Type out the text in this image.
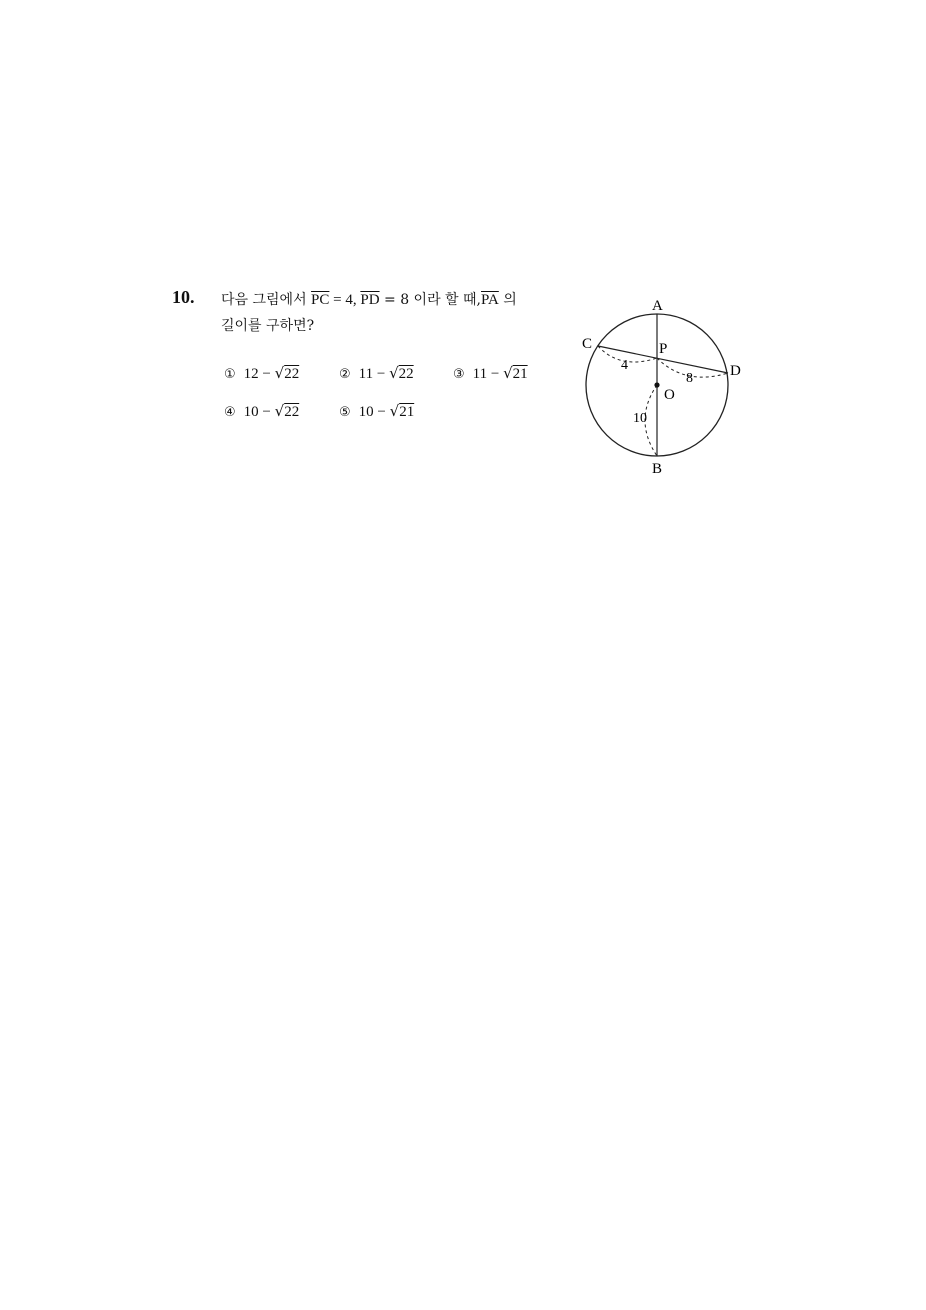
10. 다음 그림에서 $\overline{PC} = 4$, $\overline{PD} = 8$ 이라 할 때$,\overline{PA}$ 의
길이를 구하면?
① 12 − √22	② 11 − √22	③ 11 − √21
④ 10 − √22	⑤ 10 − √21
A
B
C
D
P
O
4
8
10
